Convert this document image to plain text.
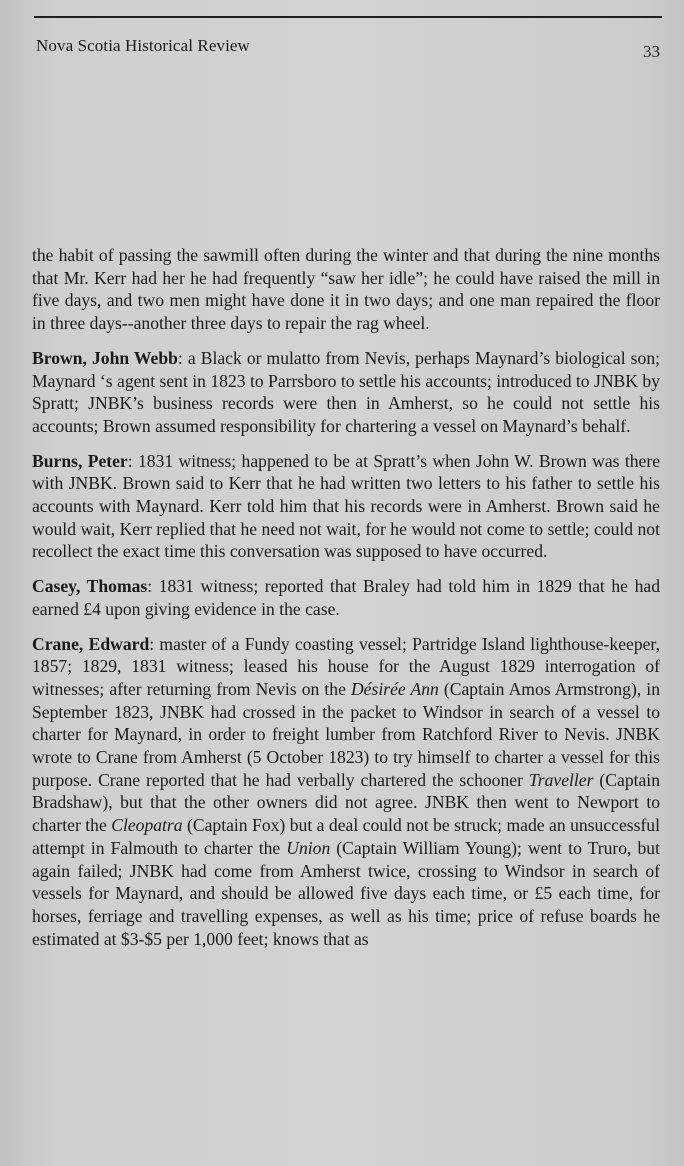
Nova Scotia Historical Review	33

the habit of passing the sawmill often during the winter and that during the nine months that Mr. Kerr had her he had frequently “saw her idle”; he could have raised the mill in five days, and two men might have done it in two days; and one man repaired the floor in three days--another three days to repair the rag wheel.

Brown, John Webb: a Black or mulatto from Nevis, perhaps Maynard’s biological son; Maynard ‘s agent sent in 1823 to Parrsboro to settle his accounts; introduced to JNBK by Spratt; JNBK’s business records were then in Amherst, so he could not settle his accounts; Brown assumed responsibility for chartering a vessel on Maynard’s behalf.

Burns, Peter: 1831 witness; happened to be at Spratt’s when John W. Brown was there with JNBK. Brown said to Kerr that he had written two letters to his father to settle his accounts with Maynard. Kerr told him that his records were in Amherst. Brown said he would wait, Kerr replied that he need not wait, for he would not come to settle; could not recollect the exact time this conversation was supposed to have occurred.

Casey, Thomas: 1831 witness; reported that Braley had told him in 1829 that he had earned £4 upon giving evidence in the case.

Crane, Edward: master of a Fundy coasting vessel; Partridge Island lighthouse-keeper, 1857; 1829, 1831 witness; leased his house for the August 1829 interrogation of witnesses; after returning from Nevis on the Désirée Ann (Captain Amos Armstrong), in September 1823, JNBK had crossed in the packet to Windsor in search of a vessel to charter for Maynard, in order to freight lumber from Ratchford River to Nevis. JNBK wrote to Crane from Amherst (5 October 1823) to try himself to charter a vessel for this purpose. Crane reported that he had verbally chartered the schooner Traveller (Captain Bradshaw), but that the other owners did not agree. JNBK then went to Newport to charter the Cleopatra (Captain Fox) but a deal could not be struck; made an unsuccessful attempt in Falmouth to charter the Union (Captain William Young); went to Truro, but again failed; JNBK had come from Amherst twice, crossing to Windsor in search of vessels for Maynard, and should be allowed five days each time, or £5 each time, for horses, ferriage and travelling expenses, as well as his time; price of refuse boards he estimated at $3-$5 per 1,000 feet; knows that as
